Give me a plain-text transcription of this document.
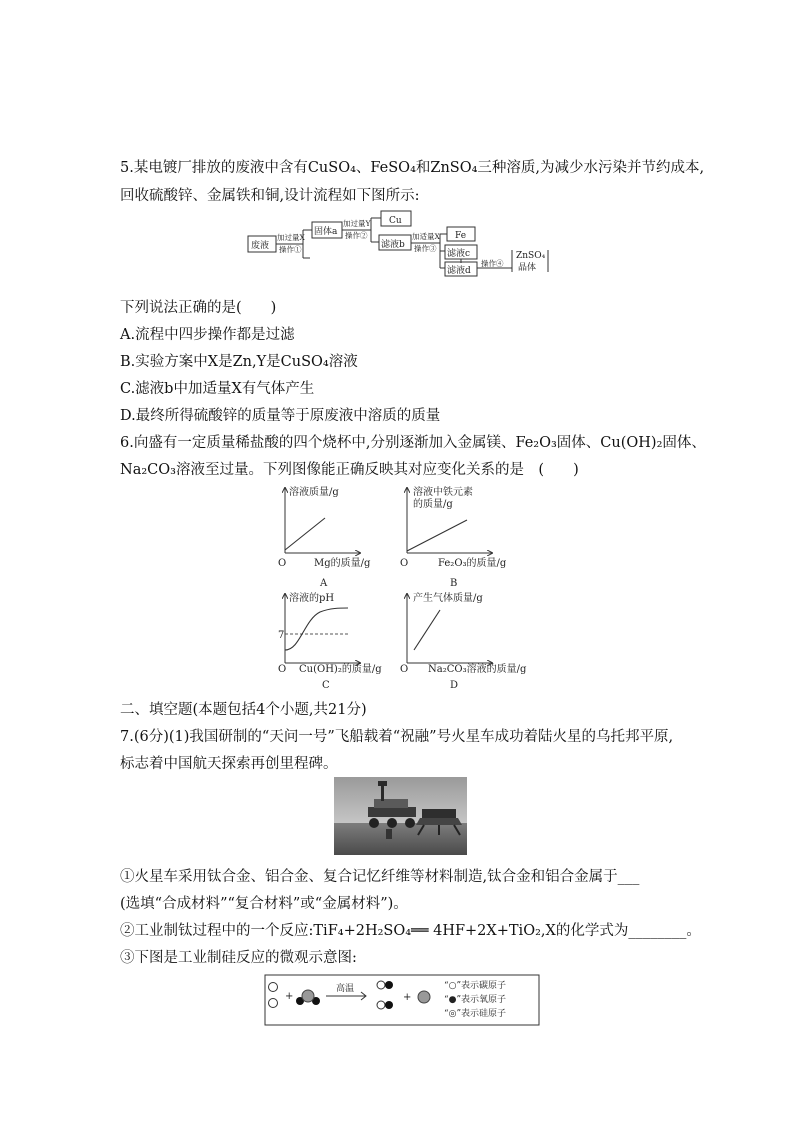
5.某电镀厂排放的废液中含有CuSO₄、FeSO₄和ZnSO₄三种溶质,为减少水污染并节约成本,
回收硫酸锌、金属铁和铜,设计流程如下图所示:
废液
加过量X
操作①
固体a
加过量Y
操作②
Cu
滤液b
加适量X
操作③
Fe
滤液c
滤液d
操作④
ZnSO₄
晶体
下列说法正确的是(　　)
A.流程中四步操作都是过滤
B.实验方案中X是Zn,Y是CuSO₄溶液
C.滤液b中加适量X有气体产生
D.最终所得硫酸锌的质量等于原废液中溶质的质量
6.向盛有一定质量稀盐酸的四个烧杯中,分别逐渐加入金属镁、Fe₂O₃固体、Cu(OH)₂固体、
Na₂CO₃溶液至过量。下列图像能正确反映其对应变化关系的是　(　　)
溶液质量/g
Mg的质量/g
O
A
溶液中铁元素
的质量/g
Fe₂O₃的质量/g
O
B
溶液的pH
7
Cu(OH)₂的质量/g
O
C
产生气体质量/g
Na₂CO₃溶液的质量/g
O
D
二、填空题(本题包括4个小题,共21分)
7.(6分)(1)我国研制的“天问一号”飞船载着“祝融”号火星车成功着陆火星的乌托邦平原,
标志着中国航天探索再创里程碑。
①火星车采用钛合金、铝合金、复合记忆纤维等材料制造,钛合金和铝合金属于___
(选填“合成材料”“复合材料”或“金属材料”)。
②工业制钛过程中的一个反应:TiF₄+2H₂SO₄══ 4HF+2X+TiO₂,X的化学式为________。
③下图是工业制硅反应的微观示意图:
+
高温
+
“○”表示碳原子
“●”表示氧原子
“◎”表示硅原子
